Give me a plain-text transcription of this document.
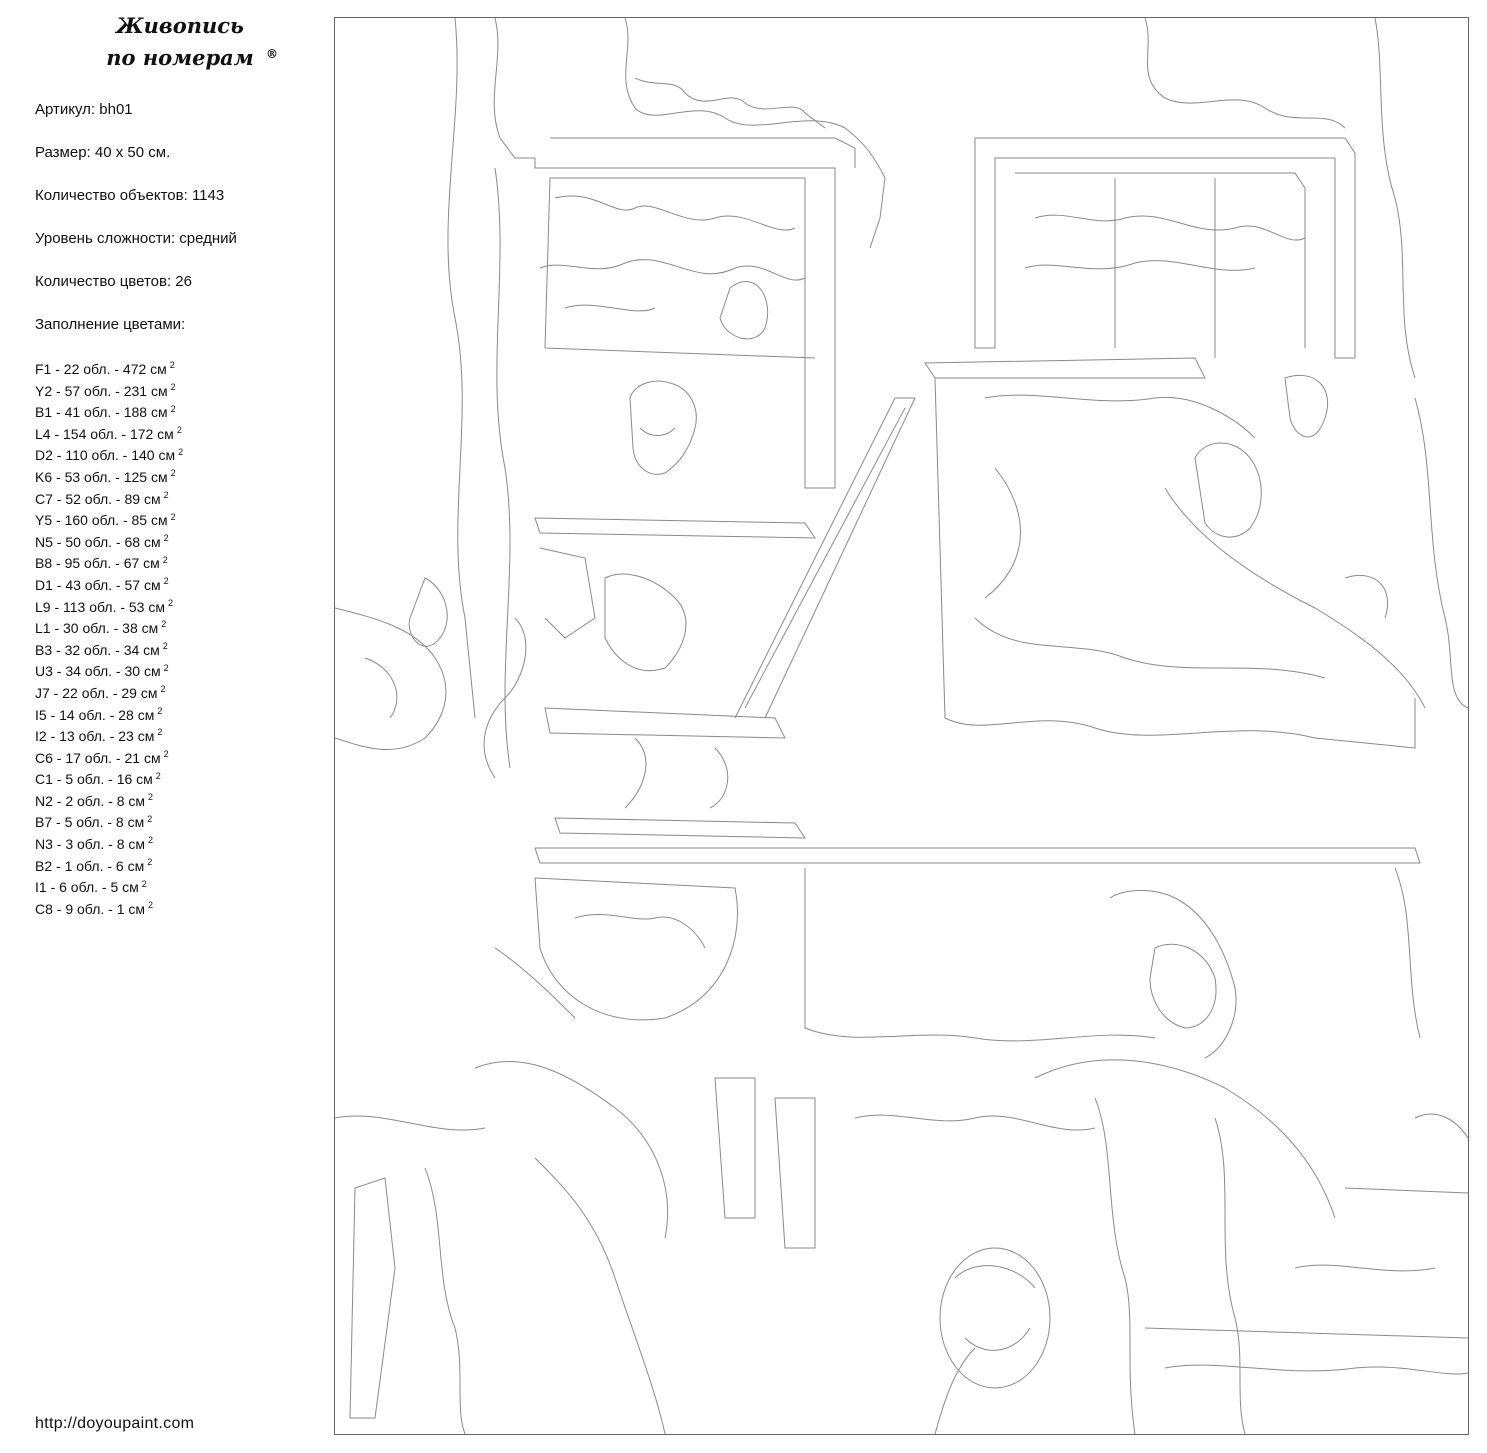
Живопись
по номерам	®
Артикул: bh01
Размер: 40 х 50 см.
Количество объектов: 1143
Уровень сложности: средний
Количество цветов: 26
Заполнение цветами:
F1 - 22 обл. - 472 см $^2$
Y2 - 57 обл. - 231 см $^2$
B1 - 41 обл. - 188 см $^2$
L4 - 154 обл. - 172 см $^2$
D2 - 110 обл. - 140 см $^2$
K6 - 53 обл. - 125 см $^2$
C7 - 52 обл. - 89 см $^2$
Y5 - 160 обл. - 85 см $^2$
N5 - 50 обл. - 68 см $^2$
B8 - 95 обл. - 67 см $^2$
D1 - 43 обл. - 57 см $^2$
L9 - 113 обл. - 53 см $^2$
L1 - 30 обл. - 38 см $^2$
B3 - 32 обл. - 34 см $^2$
U3 - 34 обл. - 30 см $^2$
J7 - 22 обл. - 29 см $^2$
I5 - 14 обл. - 28 см $^2$
I2 - 13 обл. - 23 см $^2$
C6 - 17 обл. - 21 см $^2$
C1 - 5 обл. - 16 см $^2$
N2 - 2 обл. - 8 см $^2$
B7 - 5 обл. - 8 см $^2$
N3 - 3 обл. - 8 см $^2$
B2 - 1 обл. - 6 см $^2$
I1 - 6 обл. - 5 см $^2$
C8 - 9 обл. - 1 см $^2$
http://doyoupaint.com
